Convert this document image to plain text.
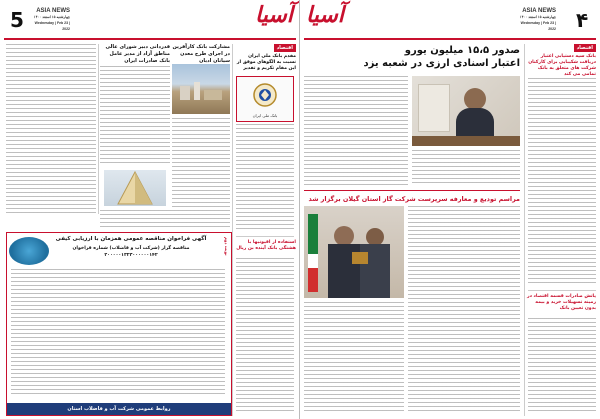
5	ASIA NEWS
چهارشنبه ۱۵ اسفند ۱۴۰۰
Wednesday | Feb 23 | 2022
آسیا
اقتصاد
مقدم بانک ملی ایران نسبت به الگوهای موفق از این مقام تکریم و تقدیر
بانک ملی ایران
استفاده از افیونیها با هشتگی بانک آینده بن ریال
مشارکت بانک کارآفرین در اجرای طرح معدن سیانان ادیان
قدردانی دبیر شورای عالی مناطق آزاد از مدیر عامل بانک صادرات ایران
آگهی فراخوان مناقصه عمومی همزمان با ارزیابی کیفی
مناقصه گزار (شرکت آب و فاضلاب) شماره فراخوان ۲۰۰۰۰۰۱۳۲۳۰۰۰۰۰۰۱۴۲	نوبت دوم
روابط عمومی شرکت آب و فاضلاب استان
آسیا	ASIA NEWS
چهارشنبه ۱۵ اسفند ۱۴۰۰
Wednesday | Feb 23 | 2022 ۴
اقتصاد
بانک سپه دستیابی اعتبار دریافت شکیبایی برای کارکنان شرکت های متعلق به بانک تمامی می کند
پاتش صادرات قسمه اقتصاد در زمینه تسهیلات خرید و بیمه بدون تعیین بانک
صدور ۱۵،۵ میلیون یورو
اعتبار اسنادی ارزی در شعبه یزد
مراسم تودیع و معارفه سرپرست شرکت گاز استان گیلان برگزار شد
